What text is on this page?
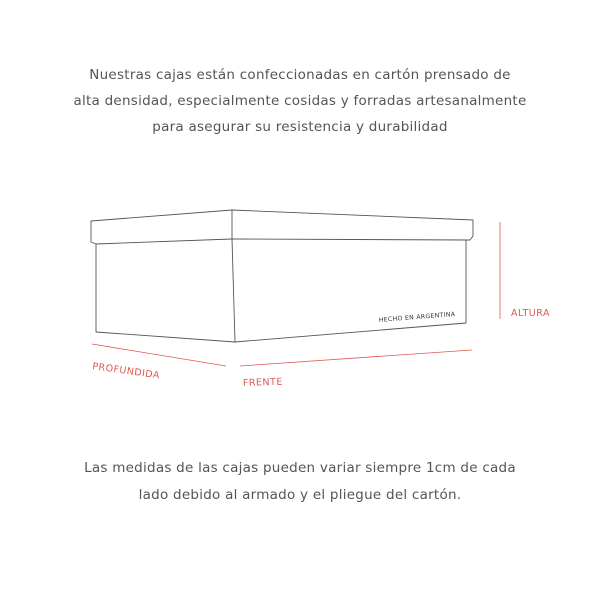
Nuestras cajas están confeccionadas en cartón prensado de
alta densidad, especialmente cosidas y forradas artesanalmente
para asegurar su resistencia y durabilidad
HECHO EN ARGENTINA	ALTURA
PROFUNDIDA
FRENTE
Las medidas de las cajas pueden variar siempre 1cm de cada
lado debido al armado y el pliegue del cartón.
